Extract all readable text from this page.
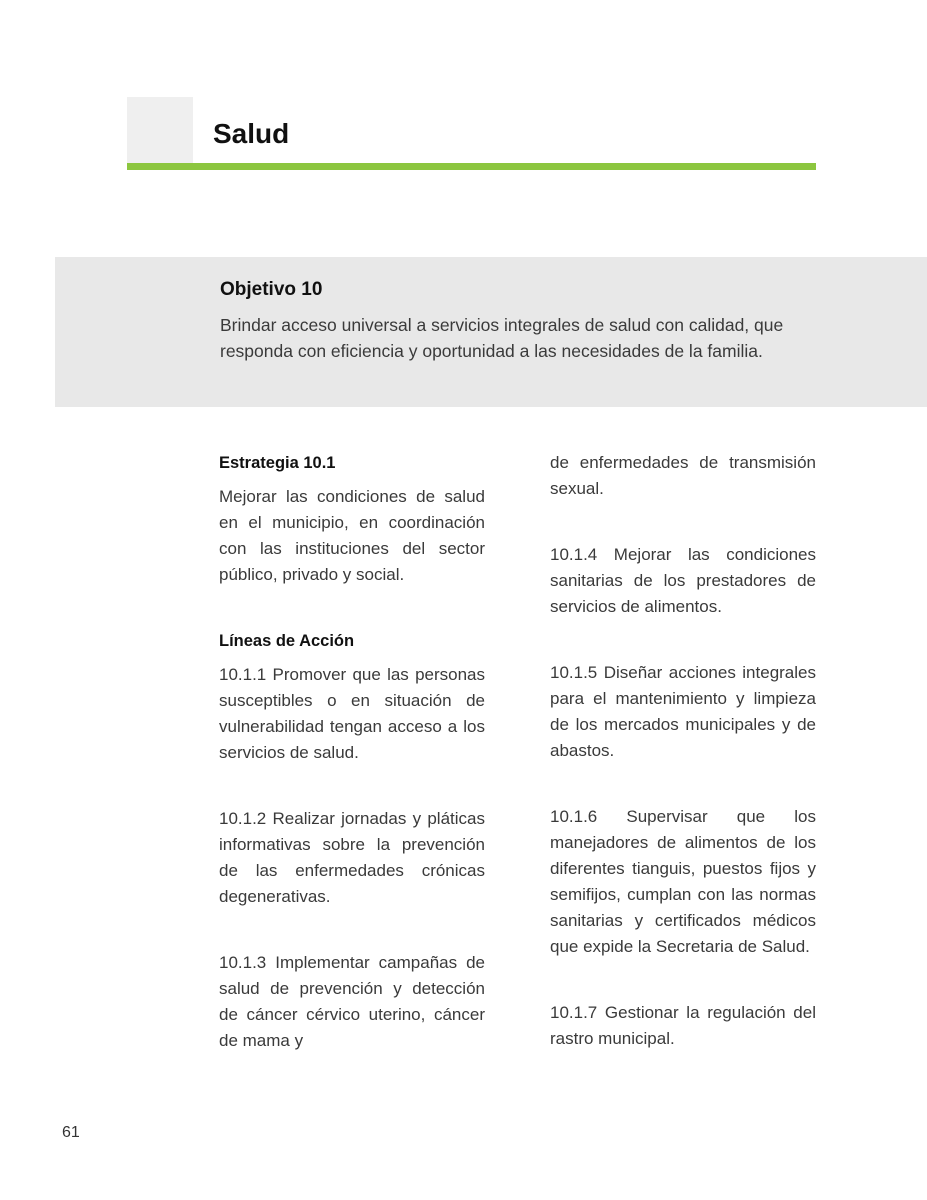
Salud
Objetivo 10

Brindar acceso universal a servicios integrales de salud con calidad, que responda con eficiencia y oportunidad a las necesidades de la familia.

Estrategia 10.1

Mejorar las condiciones de salud en el municipio, en coordinación con las instituciones del sector público, privado y social.

Líneas de Acción

10.1.1 Promover que las personas susceptibles o en situación de vulnerabilidad tengan acceso a los servicios de salud.

10.1.2 Realizar jornadas y pláticas informativas sobre la prevención de las enfermedades crónicas degenerativas.

10.1.3 Implementar campañas de salud de prevención y detección de cáncer cérvico uterino, cáncer de mama y

de enfermedades de transmisión sexual.

10.1.4 Mejorar las condiciones sanitarias de los prestadores de servicios de alimentos.

10.1.5 Diseñar acciones integrales para el mantenimiento y limpieza de los mercados municipales y de abastos.

10.1.6 Supervisar que los manejadores de alimentos de los diferentes tianguis, puestos fijos y semifijos, cumplan con las normas sanitarias y certificados médicos que expide la Secretaria de Salud.

10.1.7 Gestionar la regulación del rastro municipal.

61
